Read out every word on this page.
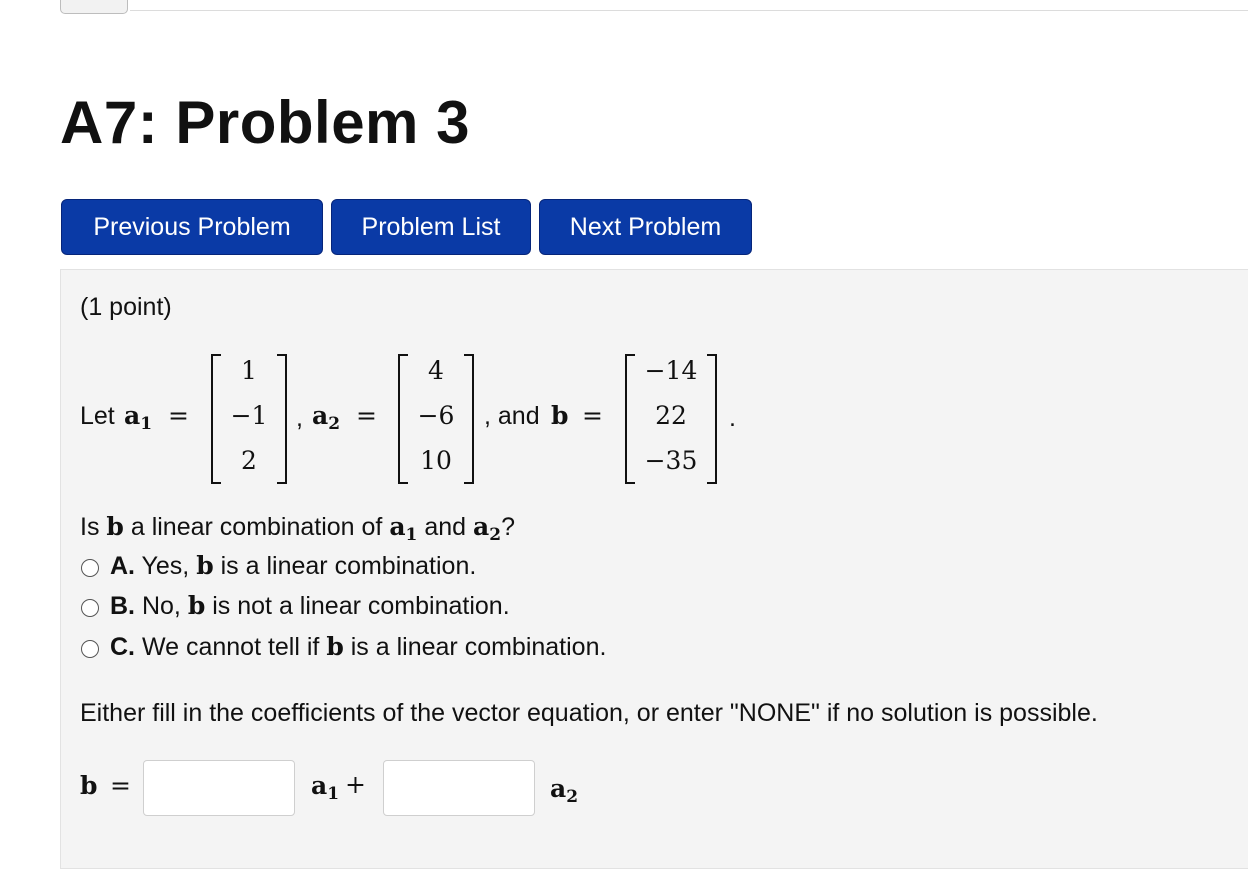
A7: Problem 3
Previous Problem	Problem List	Next Problem
(1 point)
Let $a_1$ =
1
−1
2
, $a_2$ =
4
−6
10
, and b =
−14
22
−35
.
Is b a linear combination of $a_1$ and $a_2$?
A. Yes, b is a linear combination.
B. No, b is not a linear combination.
C. We cannot tell if b is a linear combination.
Either fill in the coefficients of the vector equation, or enter "NONE" if no solution is possible.
b =	$a_1$ +	$a_2$
